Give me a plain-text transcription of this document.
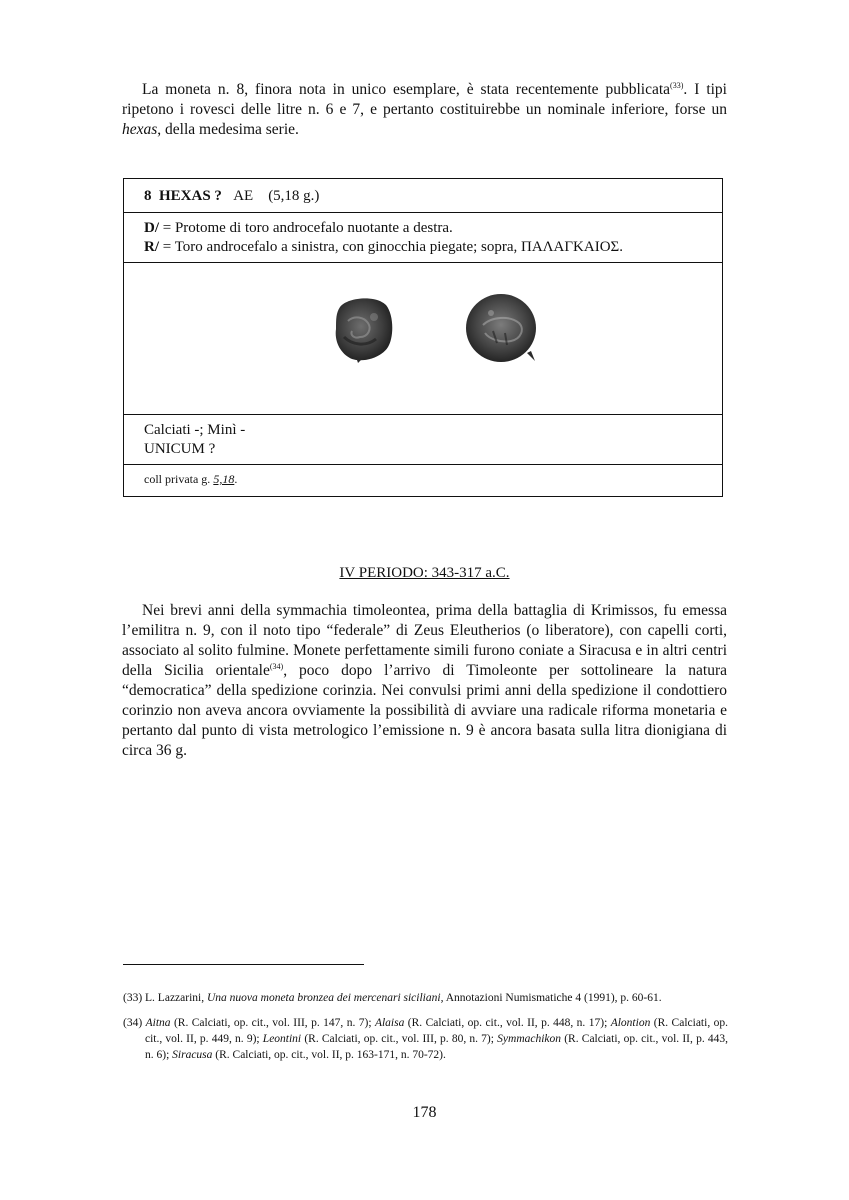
La moneta n. 8, finora nota in unico esemplare, è stata recentemente pubblicata$^{(33)}$. I tipi ripetono i rovesci delle litre n. 6 e 7, e pertanto costituirebbe un nominale inferiore, forse un hexas, della medesima serie.
8 HEXAS ? AE (5,18 g.)
D/ = Protome di toro androcefalo nuotante a destra.
R/ = Toro androcefalo a sinistra, con ginocchia piegate; sopra, ΠΑΛΑΓΚΑΙΟΣ.
Calciati -; Minì -
UNICUM ?
coll privata g. 5,18.
IV PERIODO: 343-317 a.C.
Nei brevi anni della symmachia timoleontea, prima della battaglia di Krimissos, fu emessa l’emilitra n. 9, con il noto tipo “federale” di Zeus Eleutherios (o liberatore), con capelli corti, associato al solito fulmine. Monete perfettamente simili furono coniate a Siracusa e in altri centri della Sicilia orientale$^{(34)}$, poco dopo l’arrivo di Timoleonte per sottolineare la natura “democratica” della spedizione corinzia. Nei convulsi primi anni della spedizione il condottiero corinzio non aveva ancora ovviamente la possibilità di avviare una radicale riforma monetaria e pertanto dal punto di vista metrologico l’emissione n. 9 è ancora basata sulla litra dionigiana di circa 36 g.
(33) L. Lazzarini, Una nuova moneta bronzea dei mercenari siciliani, Annotazioni Numismatiche 4 (1991), p. 60-61.
(34) Aitna (R. Calciati, op. cit., vol. III, p. 147, n. 7); Alaisa (R. Calciati, op. cit., vol. II, p. 448, n. 17); Alontion (R. Calciati, op. cit., vol. II, p. 449, n. 9); Leontini (R. Calciati, op. cit., vol. III, p. 80, n. 7); Symmachikon (R. Calciati, op. cit., vol. II, p. 443, n. 6); Siracusa (R. Calciati, op. cit., vol. II, p. 163-171, n. 70-72).
178
